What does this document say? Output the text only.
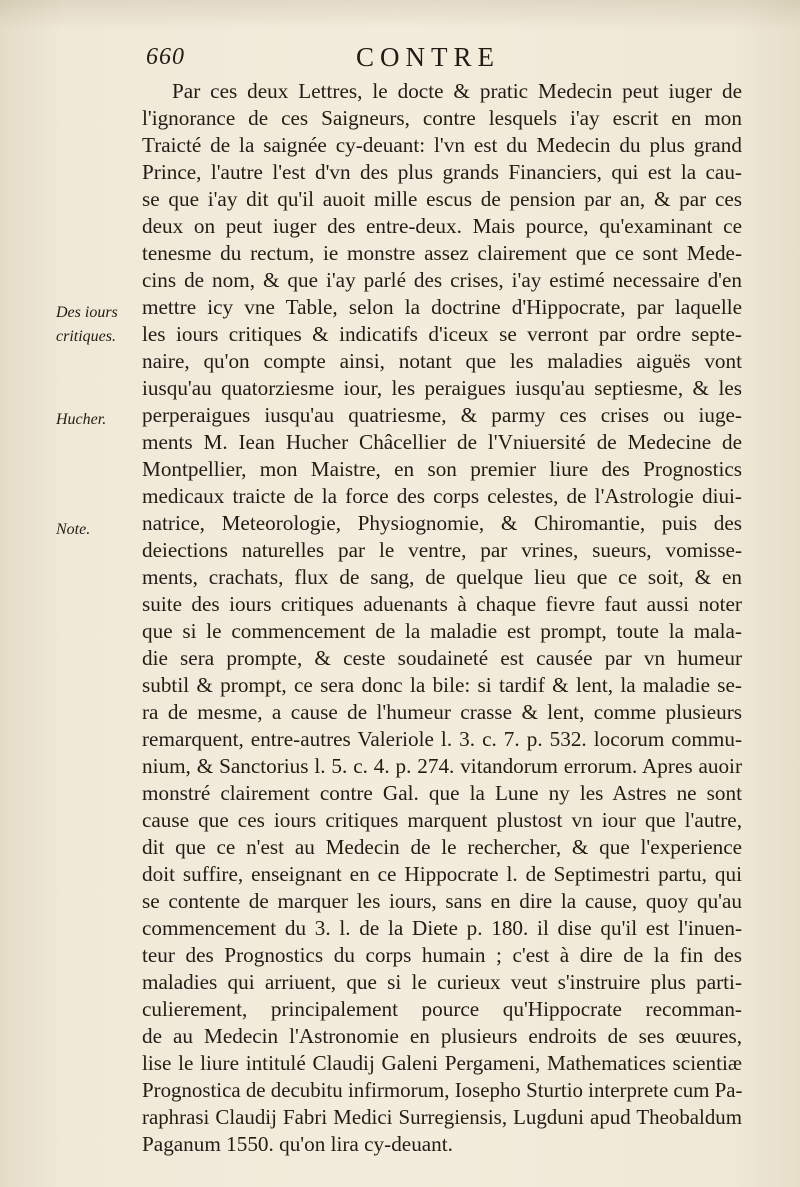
660	CONTRE
Des iours
critiques.
Hucher.
Note.
Par ces deux Lettres, le docte & pratic Medecin peut iuger de
l'ignorance de ces Saigneurs, contre lesquels i'ay escrit en mon
Traicté de la saignée cy-deuant: l'vn est du Medecin du plus grand
Prince, l'autre l'est d'vn des plus grands Financiers, qui est la cau-
se que i'ay dit qu'il auoit mille escus de pension par an, & par ces
deux on peut iuger des entre-deux. Mais pource, qu'examinant ce
tenesme du rectum, ie monstre assez clairement que ce sont Mede-
cins de nom, & que i'ay parlé des crises, i'ay estimé necessaire d'en
mettre icy vne Table, selon la doctrine d'Hippocrate, par laquelle
les iours critiques & indicatifs d'iceux se verront par ordre septe-
naire, qu'on compte ainsi, notant que les maladies aiguës vont
iusqu'au quatorziesme iour, les peraigues iusqu'au septiesme, & les
perperaigues iusqu'au quatriesme, & parmy ces crises ou iuge-
ments M. Iean Hucher Châcellier de l'Vniuersité de Medecine de
Montpellier, mon Maistre, en son premier liure des Prognostics
medicaux traicte de la force des corps celestes, de l'Astrologie diui-
natrice, Meteorologie, Physiognomie, & Chiromantie, puis des
deiections naturelles par le ventre, par vrines, sueurs, vomisse-
ments, crachats, flux de sang, de quelque lieu que ce soit, & en
suite des iours critiques aduenants à chaque fievre faut aussi noter
que si le commencement de la maladie est prompt, toute la mala-
die sera prompte, & ceste soudaineté est causée par vn humeur
subtil & prompt, ce sera donc la bile: si tardif & lent, la maladie se-
ra de mesme, a cause de l'humeur crasse & lent, comme plusieurs
remarquent, entre-autres Valeriole l. 3. c. 7. p. 532. locorum commu-
nium, & Sanctorius l. 5. c. 4. p. 274. vitandorum errorum. Apres auoir
monstré clairement contre Gal. que la Lune ny les Astres ne sont
cause que ces iours critiques marquent plustost vn iour que l'autre,
dit que ce n'est au Medecin de le rechercher, & que l'experience
doit suffire, enseignant en ce Hippocrate l. de Septimestri partu, qui
se contente de marquer les iours, sans en dire la cause, quoy qu'au
commencement du 3. l. de la Diete p. 180. il dise qu'il est l'inuen-
teur des Prognostics du corps humain ; c'est à dire de la fin des
maladies qui arriuent, que si le curieux veut s'instruire plus parti-
culierement, principalement pource qu'Hippocrate recomman-
de au Medecin l'Astronomie en plusieurs endroits de ses œuures,
lise le liure intitulé Claudij Galeni Pergameni, Mathematices scientiæ
Prognostica de decubitu infirmorum, Iosepho Sturtio interprete cum Pa-
raphrasi Claudij Fabri Medici Surregiensis, Lugduni apud Theobaldum
Paganum 1550. qu'on lira cy-deuant.
